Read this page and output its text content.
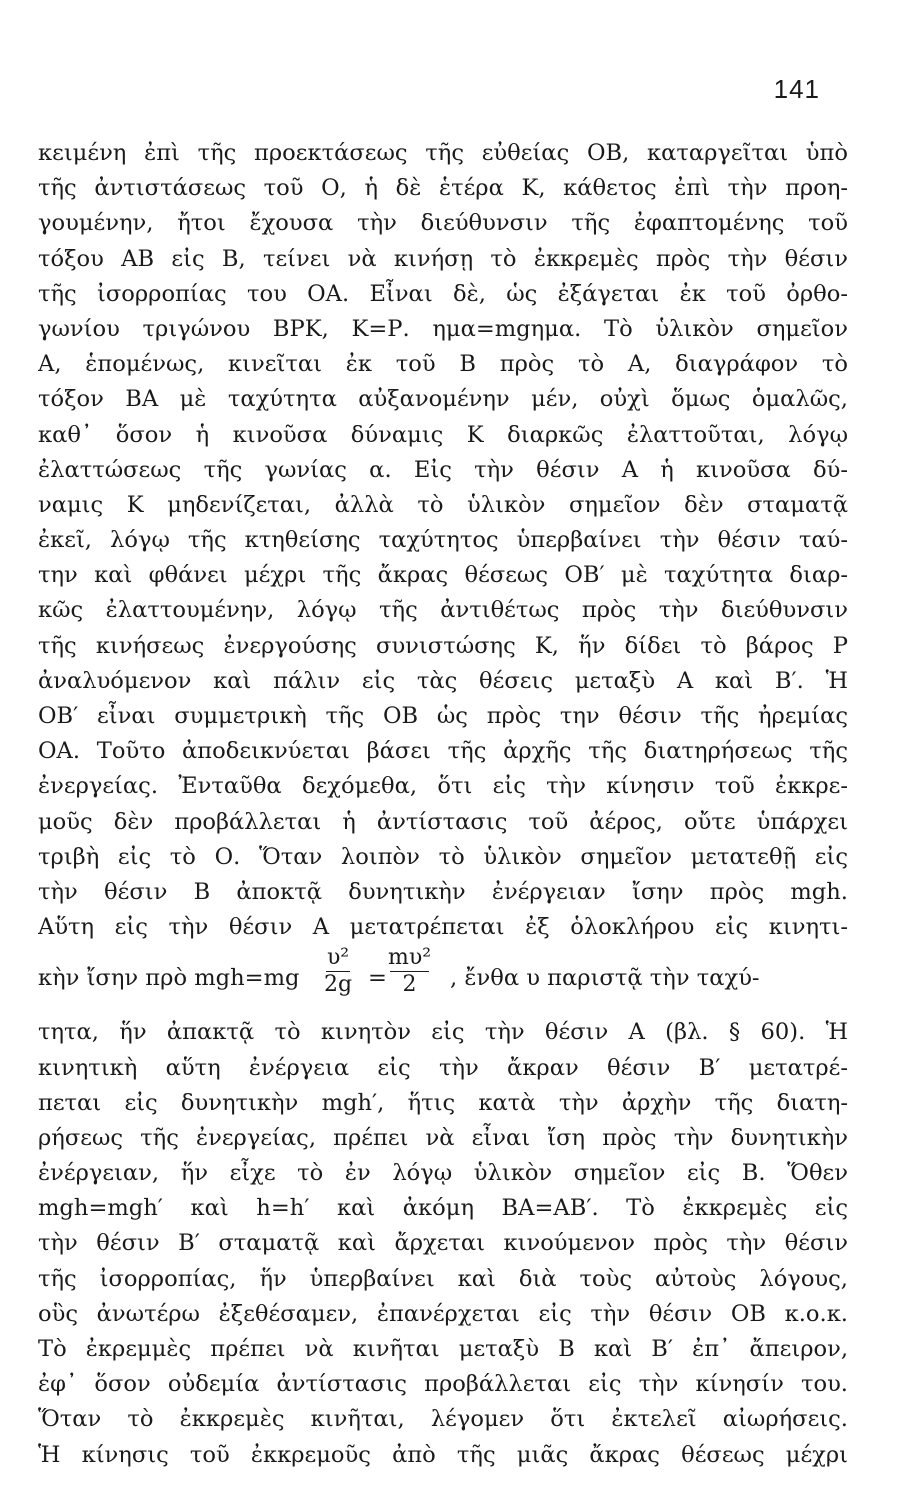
141
κειμένη ἐπὶ τῆς προεκτάσεως τῆς εὐθείας ΟΒ, καταργεῖται ὑπὸ
τῆς ἀντιστάσεως τοῦ Ο, ἡ δὲ ἑτέρα Κ, κάθετος ἐπὶ τὴν προη-
γουμένην, ἤτοι ἔχουσα τὴν διεύθυνσιν τῆς ἐφαπτομένης τοῦ
τόξου ΑΒ εἰς Β, τείνει νὰ κινήσῃ τὸ ἐκκρεμὲς πρὸς τὴν θέσιν
τῆς ἰσορροπίας του ΟΑ. Εἶναι δὲ, ὡς ἐξάγεται ἐκ τοῦ ὀρθο-
γωνίου τριγώνου ΒΡΚ, Κ=Ρ. ημα=mgημα. Τὸ ὑλικὸν σημεῖον
Α, ἑπομένως, κινεῖται ἐκ τοῦ Β πρὸς τὸ Α, διαγράφον τὸ
τόξον ΒΑ μὲ ταχύτητα αὐξανομένην μέν, οὐχὶ ὅμως ὁμαλῶς,
καθ᾽ ὅσον ἡ κινοῦσα δύναμις Κ διαρκῶς ἐλαττοῦται, λόγῳ
ἐλαττώσεως τῆς γωνίας α. Εἰς τὴν θέσιν Α ἡ κινοῦσα δύ-
ναμις Κ μηδενίζεται, ἀλλὰ τὸ ὑλικὸν σημεῖον δὲν σταματᾷ
ἐκεῖ, λόγῳ τῆς κτηθείσης ταχύτητος ὑπερβαίνει τὴν θέσιν ταύ-
την καὶ φθάνει μέχρι τῆς ἄκρας θέσεως ΟΒ′ μὲ ταχύτητα διαρ-
κῶς ἐλαττουμένην, λόγῳ τῆς ἀντιθέτως πρὸς τὴν διεύθυνσιν
τῆς κινήσεως ἐνεργούσης συνιστώσης Κ, ἥν δίδει τὸ βάρος Ρ
ἀναλυόμενον καὶ πάλιν εἰς τὰς θέσεις μεταξὺ Α καὶ Β′. Ἡ
ΟΒ′ εἶναι συμμετρικὴ τῆς ΟΒ ὡς πρὸς την θέσιν τῆς ἠρεμίας
ΟΑ. Τοῦτο ἀποδεικνύεται βάσει τῆς ἀρχῆς τῆς διατηρήσεως τῆς
ἐνεργείας. Ἐνταῦθα δεχόμεθα, ὅτι εἰς τὴν κίνησιν τοῦ ἐκκρε-
μοῦς δὲν προβάλλεται ἡ ἀντίστασις τοῦ ἀέρος, οὔτε ὑπάρχει
τριβὴ εἰς τὸ Ο. Ὅταν λοιπὸν τὸ ὑλικὸν σημεῖον μετατεθῇ εἰς
τὴν θέσιν Β ἀποκτᾷ δυνητικὴν ἐνέργειαν ἴσην πρὸς mgh.
Αὕτη εἰς τὴν θέσιν Α μετατρέπεται ἐξ ὁλοκλήρου εἰς κινητι-
κὴν ἴσην πρὸ mgh=mg
υ²
2g =
mυ²
2	, ἔνθα υ παριστᾷ τὴν ταχύ-
τητα, ἥν ἀπακτᾷ τὸ κινητὸν εἰς τὴν θέσιν Α (βλ. § 60). Ἡ
κινητικὴ αὕτη ἐνέργεια εἰς τὴν ἄκραν θέσιν Β′ μετατρέ-
πεται εἰς δυνητικὴν mgh′, ἥτις κατὰ τὴν ἀρχὴν τῆς διατη-
ρήσεως τῆς ἐνεργείας, πρέπει νὰ εἶναι ἴση πρὸς τὴν δυνητικὴν
ἐνέργειαν, ἥν εἶχε τὸ ἐν λόγῳ ὑλικὸν σημεῖον εἰς Β. Ὅθεν
mgh=mgh′ καὶ h=h′ καὶ ἀκόμη ΒΑ=ΑΒ′. Τὸ ἐκκρεμὲς εἰς
τὴν θέσιν Β′ σταματᾷ καὶ ἄρχεται κινούμενον πρὸς τὴν θέσιν
τῆς ἰσορροπίας, ἥν ὑπερβαίνει καὶ διὰ τοὺς αὐτοὺς λόγους,
οὓς ἀνωτέρω ἐξεθέσαμεν, ἐπανέρχεται εἰς τὴν θέσιν ΟΒ κ.ο.κ.
Τὸ ἐκρεμμὲς πρέπει νὰ κινῆται μεταξὺ Β καὶ Β′ ἐπ᾽ ἄπειρον,
ἐφ᾽ ὅσον οὐδεμία ἀντίστασις προβάλλεται εἰς τὴν κίνησίν του.
Ὅταν τὸ ἐκκρεμὲς κινῆται, λέγομεν ὅτι ἐκτελεῖ αἰωρήσεις.
Ἡ κίνησις τοῦ ἐκκρεμοῦς ἀπὸ τῆς μιᾶς ἄκρας θέσεως μέχρι
